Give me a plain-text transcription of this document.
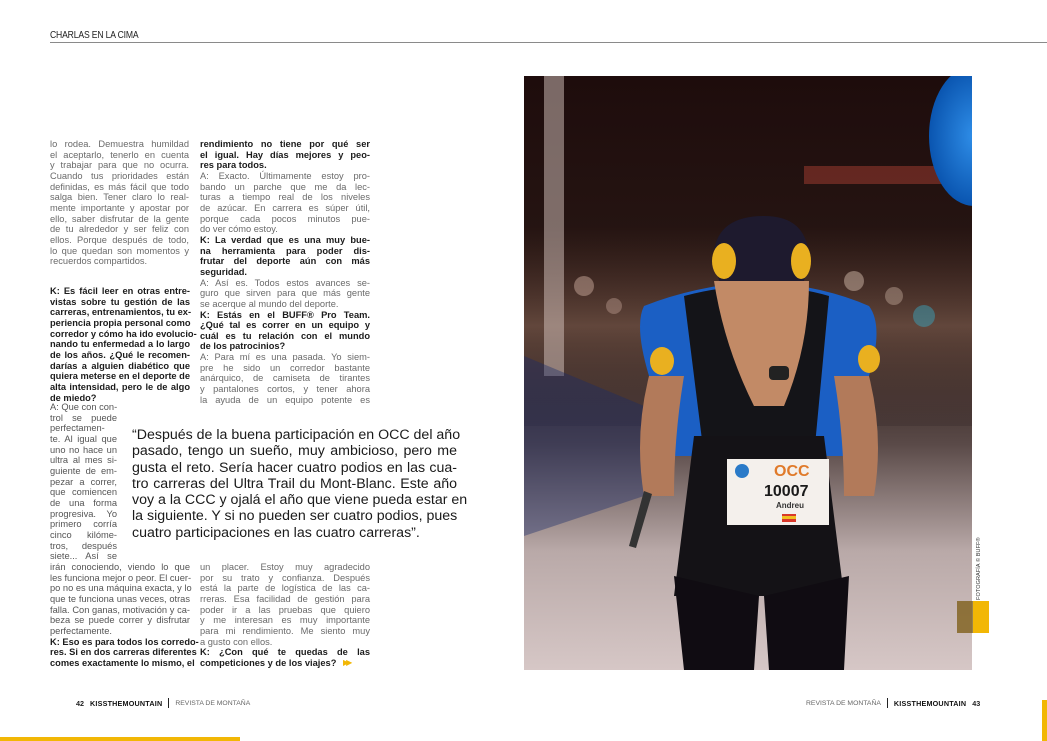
CHARLAS EN LA CIMA
lo rodea. Demuestra humildad
el aceptarlo, tenerlo en cuenta
y trabajar para que no ocurra.
Cuando tus prioridades están
definidas, es más fácil que todo
salga bien. Tener claro lo real-
mente importante y apostar por
ello, saber disfrutar de la gente
de tu alrededor y ser feliz con
ellos. Porque después de todo,
lo que quedan son momentos y
recuerdos compartidos.
K: Es fácil leer en otras entre-
vistas sobre tu gestión de las
carreras, entrenamientos, tu ex-
periencia propia personal como
corredor y cómo ha ido evolucio-
nando tu enfermedad a lo largo
de los años. ¿Qué le recomen-
darías a alguien diabético que
quiera meterse en el deporte de
alta intensidad, pero le de algo
de miedo?
A: Que con con-
trol se puede
perfectamen-
te. Al igual que
uno no hace un
ultra al mes si-
guiente de em-
pezar a correr,
que comiencen
de una forma
progresiva. Yo
primero corría
cinco kilóme-
tros, después
siete... Así se
irán conociendo, viendo lo que
les funciona mejor o peor. El cuer-
po no es una máquina exacta, y lo
que te funciona unas veces, otras
falla. Con ganas, motivación y ca-
beza se puede correr y disfrutar
perfectamente.
K: Eso es para todos los corredo-
res. Si en dos carreras diferentes
comes exactamente lo mismo, el
rendimiento no tiene por qué ser
el igual. Hay días mejores y peo-
res para todos.
A: Exacto. Últimamente estoy pro-
bando un parche que me da lec-
turas a tiempo real de los niveles
de azúcar. En carrera es súper útil,
porque cada pocos minutos pue-
do ver cómo estoy.
K: La verdad que es una muy bue-
na herramienta para poder dis-
frutar del deporte aún con más
seguridad.
A: Así es. Todos estos avances se-
guro que sirven para que más gente
se acerque al mundo del deporte.
K: Estás en el BUFF® Pro Team.
¿Qué tal es correr en un equipo y
cuál es tu relación con el mundo
de los patrocinios?
A: Para mí es una pasada. Yo siem-
pre he sido un corredor bastante
anárquico, de camiseta de tirantes
y pantalones cortos, y tener ahora
la ayuda de un equipo potente es
un placer. Estoy muy agradecido
por su trato y confianza. Después
está la parte de logística de las ca-
rreras. Esa facilidad de gestión para
poder ir a las pruebas que quiero
y me interesan es muy importante
para mi rendimiento. Me siento muy
a gusto con ellos.
K: ¿Con qué te quedas de las
competiciones y de los viajes?
“Después de la buena participación en OCC del año
pasado, tengo un sueño, muy ambicioso, pero me
gusta el reto. Sería hacer cuatro podios en las cua-
tro carreras del Ultra Trail du Mont-Blanc. Este año
voy a la CCC y ojalá el año que viene pueda estar en
la siguiente. Y si no pueden ser cuatro podios, pues
cuatro participaciones en las cuatro carreras”.
▶▶
OCC
10007
Andreu
FOTOGRAFÍA © BUFF®
42 KISSTHEMOUNTAIN REVISTA DE MONTAÑA	REVISTA DE MONTAÑA KISSTHEMOUNTAIN 43
